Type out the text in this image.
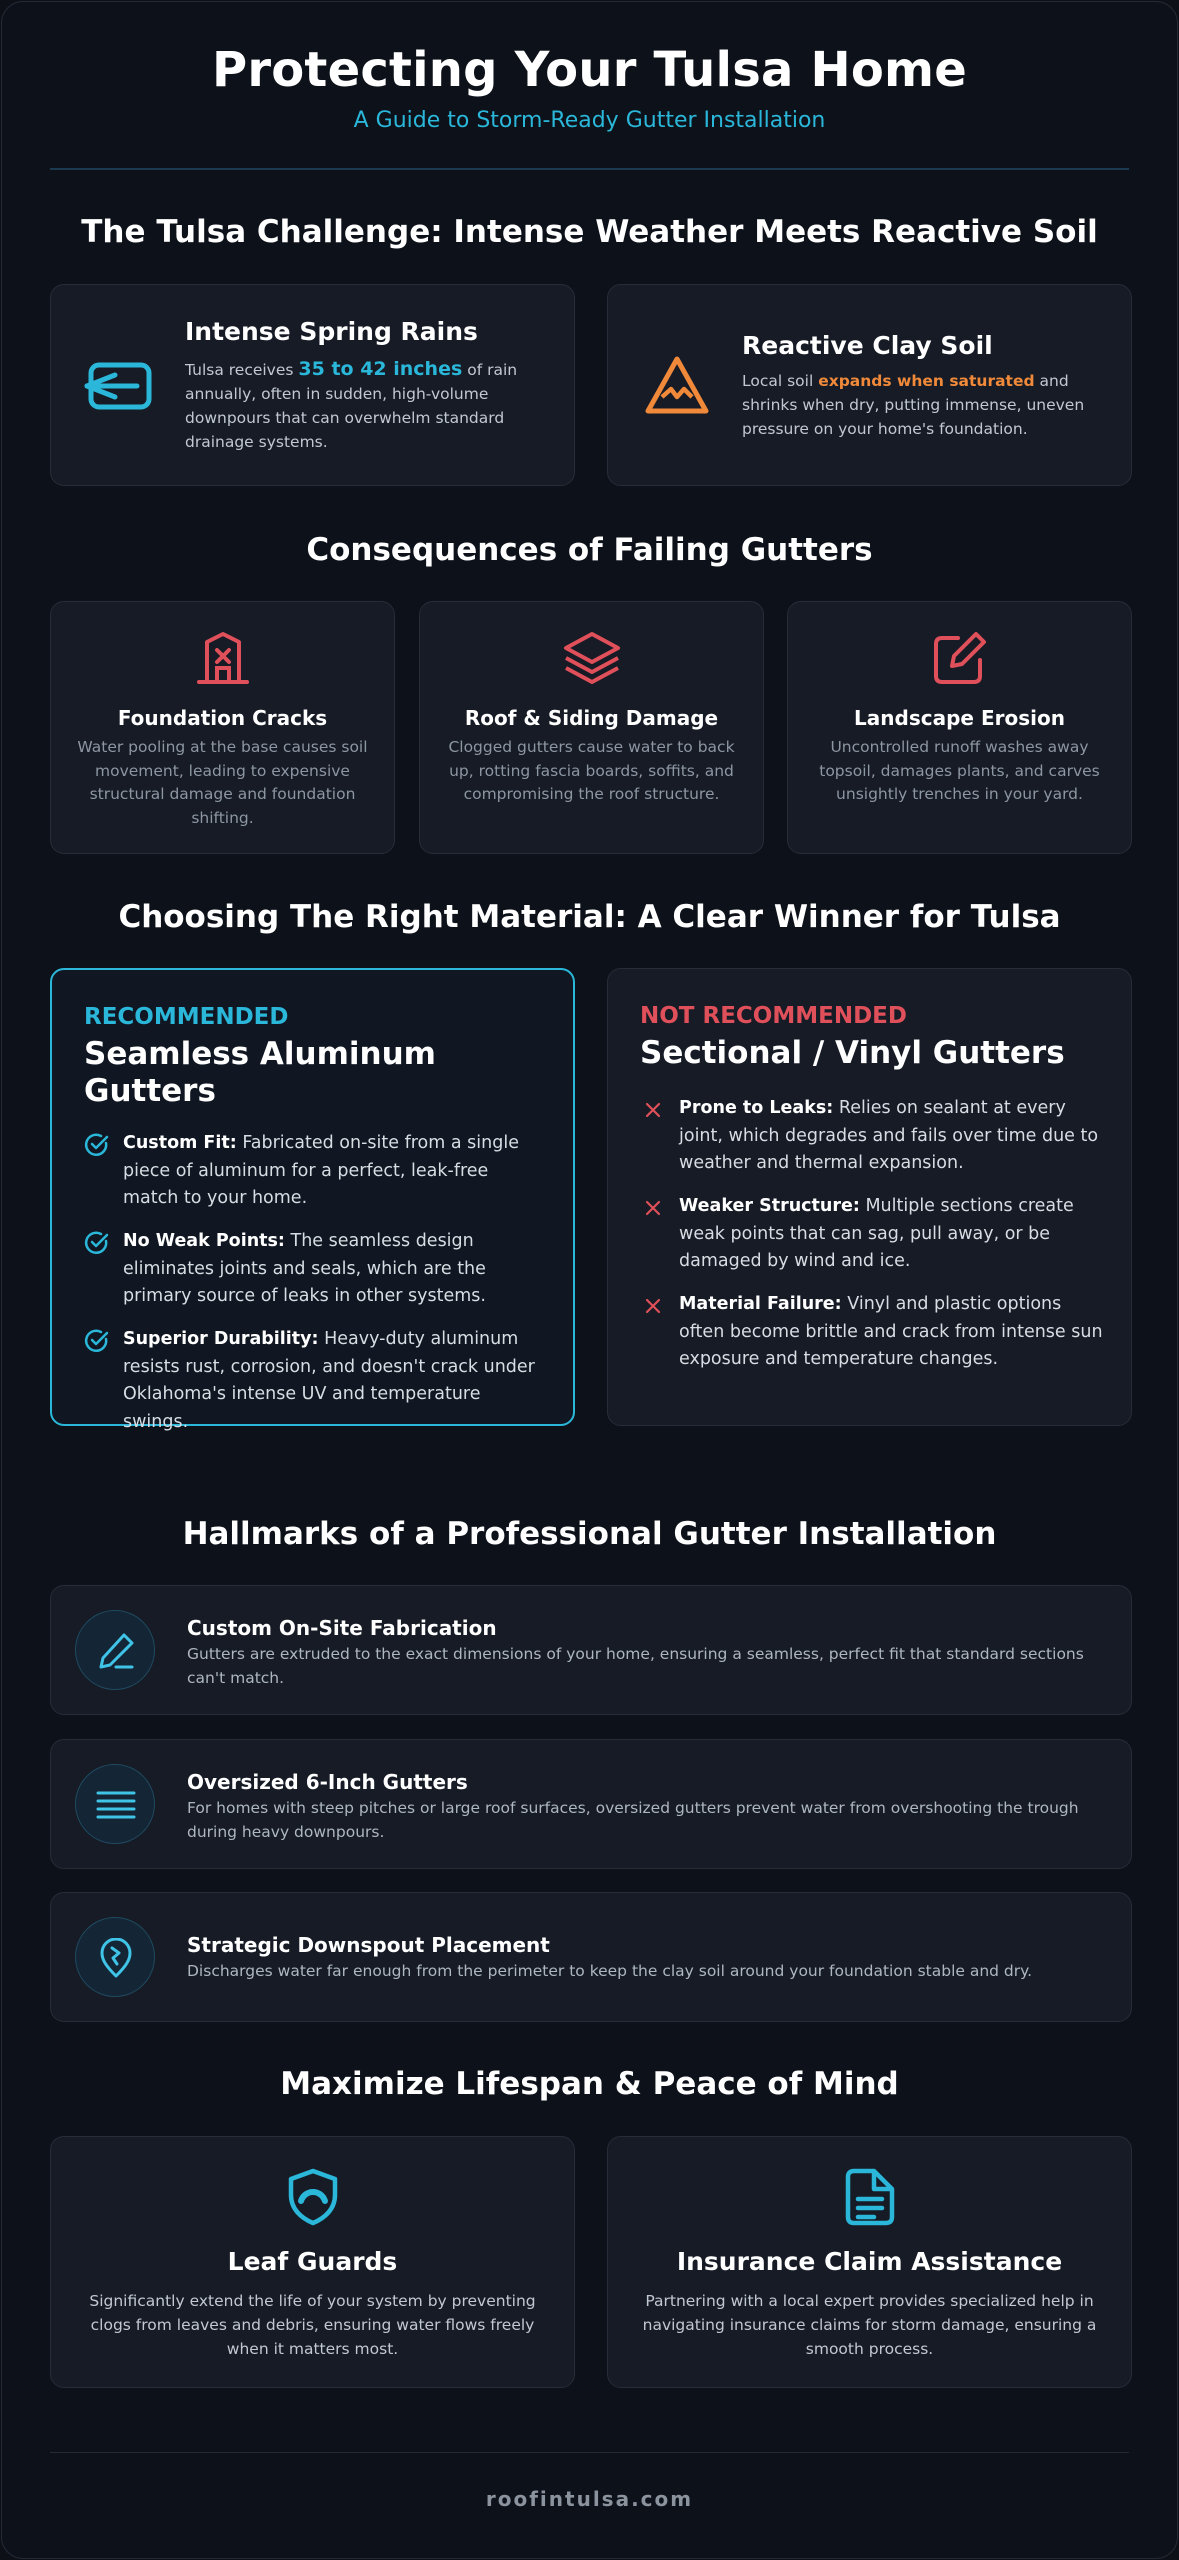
Protecting Your Tulsa Home
A Guide to Storm-Ready Gutter Installation
The Tulsa Challenge: Intense Weather Meets Reactive Soil
Intense Spring Rains
Tulsa receives 35 to 42 inches of rain annually, often in sudden, high-volume downpours that can overwhelm standard drainage systems.
Reactive Clay Soil
Local soil expands when saturated and shrinks when dry, putting immense, uneven pressure on your home's foundation.
Consequences of Failing Gutters
Foundation Cracks
Water pooling at the base causes soil movement, leading to expensive structural damage and foundation shifting.
Roof & Siding Damage
Clogged gutters cause water to back up, rotting fascia boards, soffits, and compromising the roof structure.
Landscape Erosion
Uncontrolled runoff washes away topsoil, damages plants, and carves unsightly trenches in your yard.
Choosing The Right Material: A Clear Winner for Tulsa
RECOMMENDED
Seamless Aluminum Gutters
Custom Fit: Fabricated on-site from a single piece of aluminum for a perfect, leak-free match to your home.
No Weak Points: The seamless design eliminates joints and seals, which are the primary source of leaks in other systems.
Superior Durability: Heavy-duty aluminum resists rust, corrosion, and doesn't crack under Oklahoma's intense UV and temperature swings.
NOT RECOMMENDED
Sectional / Vinyl Gutters
Prone to Leaks: Relies on sealant at every joint, which degrades and fails over time due to weather and thermal expansion.
Weaker Structure: Multiple sections create weak points that can sag, pull away, or be damaged by wind and ice.
Material Failure: Vinyl and plastic options often become brittle and crack from intense sun exposure and temperature changes.
Hallmarks of a Professional Gutter Installation
Custom On-Site Fabrication
Gutters are extruded to the exact dimensions of your home, ensuring a seamless, perfect fit that standard sections can't match.
Oversized 6-Inch Gutters
For homes with steep pitches or large roof surfaces, oversized gutters prevent water from overshooting the trough during heavy downpours.
Strategic Downspout Placement
Discharges water far enough from the perimeter to keep the clay soil around your foundation stable and dry.
Maximize Lifespan & Peace of Mind
Leaf Guards
Significantly extend the life of your system by preventing clogs from leaves and debris, ensuring water flows freely when it matters most.
Insurance Claim Assistance
Partnering with a local expert provides specialized help in navigating insurance claims for storm damage, ensuring a smooth process.
roofintulsa.com
